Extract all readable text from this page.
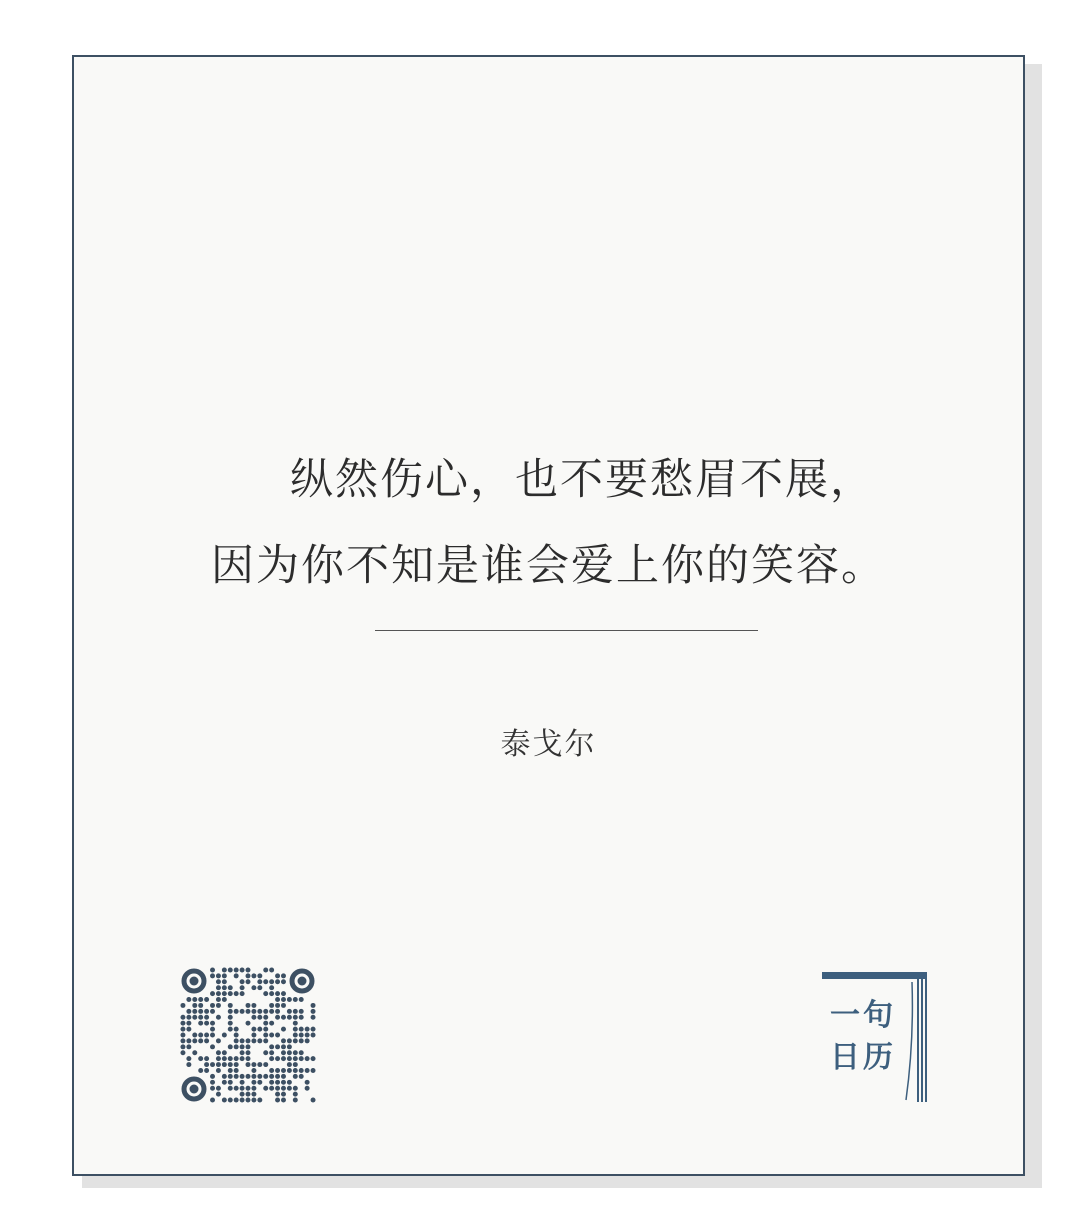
纵然伤心，也不要愁眉不展，
因为你不知是谁会爱上你的笑容。
泰戈尔
一句
日历
